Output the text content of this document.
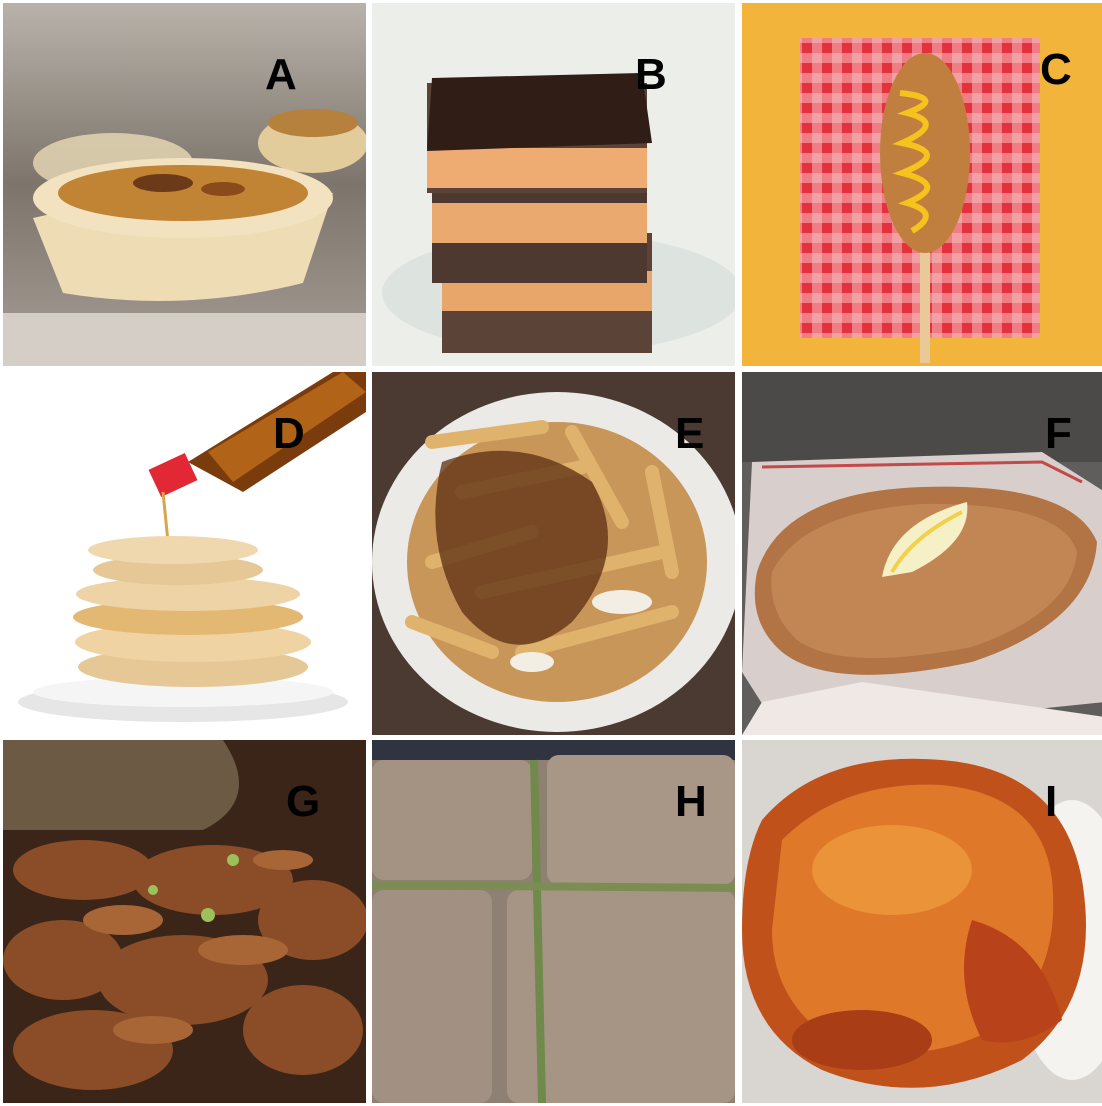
A	B	C
D	E	F
G	H	I
